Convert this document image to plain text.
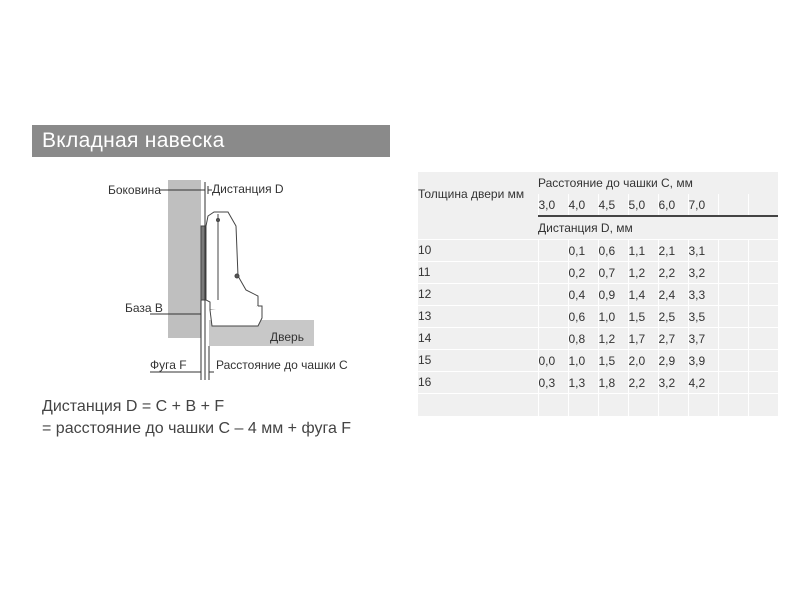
Вкладная навеска
Боковина	Дистанция D
База B
Дверь
Фуга F Расстояние до чашки C
Дистанция D = C + B + F
= расстояние до чашки C – 4 мм + фуга F
Толщина двери мм	Расстояние до чашки C, мм							
	3,0	4,0	4,5	5,0	6,0	7,0		
	Дистанция D, мм							
10		0,1	0,6	1,1	2,1	3,1		
11		0,2	0,7	1,2	2,2	3,2		
12		0,4	0,9	1,4	2,4	3,3		
13		0,6	1,0	1,5	2,5	3,5		
14		0,8	1,2	1,7	2,7	3,7		
15	0,0	1,0	1,5	2,0	2,9	3,9		
16	0,3	1,3	1,8	2,2	3,2	4,2		
